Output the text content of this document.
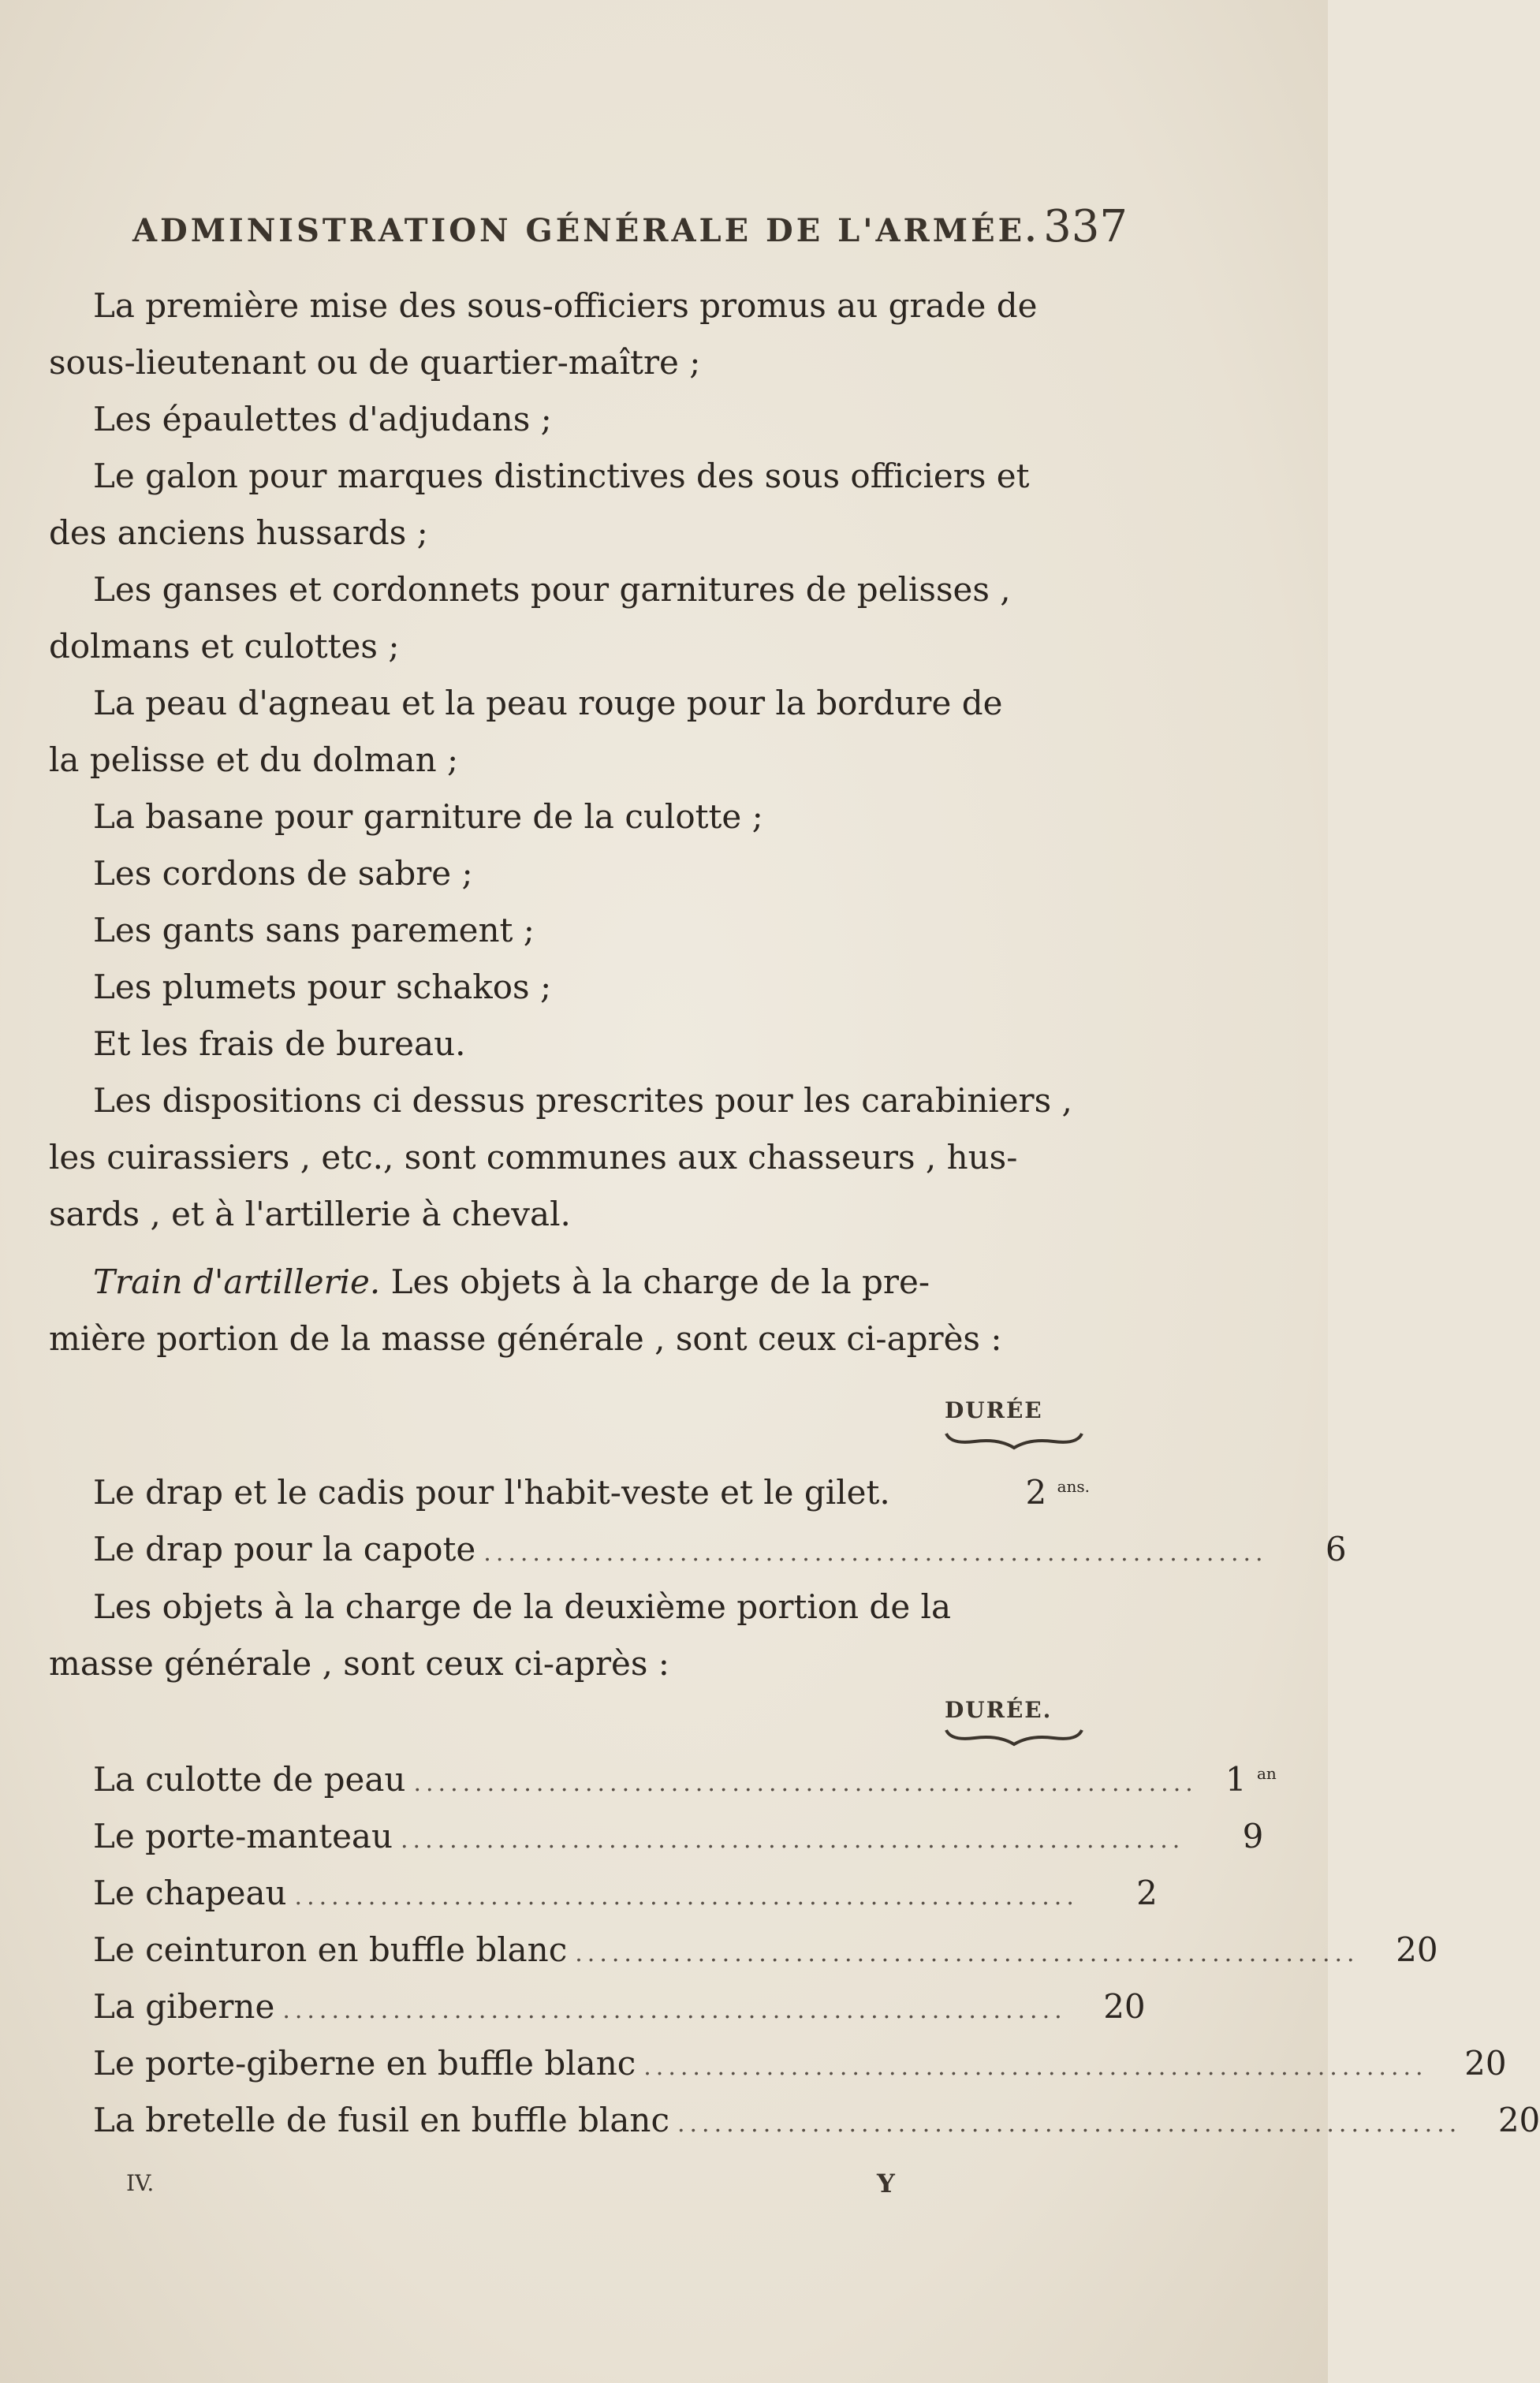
ADMINISTRATION GÉNÉRALE DE L'ARMÉE. 337
La première mise des sous-officiers promus au grade de
sous-lieutenant ou de quartier-maître ;
Les épaulettes d'adjudans ;
Le galon pour marques distinctives des sous officiers et
des anciens hussards ;
Les ganses et cordonnets pour garnitures de pelisses ,
dolmans et culottes ;
La peau d'agneau et la peau rouge pour la bordure de
la pelisse et du dolman ;
La basane pour garniture de la culotte ;
Les cordons de sabre ;
Les gants sans parement ;
Les plumets pour schakos ;
Et les frais de bureau.
Les dispositions ci dessus prescrites pour les carabiniers ,
les cuirassiers , etc., sont communes aux chasseurs , hus-
sards , et à l'artillerie à cheval.
Train d'artillerie. Les objets à la charge de la pre-
mière portion de la masse générale , sont ceux ci-après :
DURÉE
Le drap et le cadis pour l'habit-veste et le gilet.	2 $^{ans.}$
Le drap pour la capote ................................................................	6
Les objets à la charge de la deuxième portion de la
masse générale , sont ceux ci-après :
DURÉE.
La culotte de peau ................................................................ 1 $^{an}$
Le porte-manteau ................................................................	9
Le chapeau ................................................................	2
Le ceinturon en buffle blanc ................................................................	20
La giberne ................................................................	20
Le porte-giberne en buffle blanc ................................................................	20
La bretelle de fusil en buffle blanc ................................................................	20
IV.	Y
